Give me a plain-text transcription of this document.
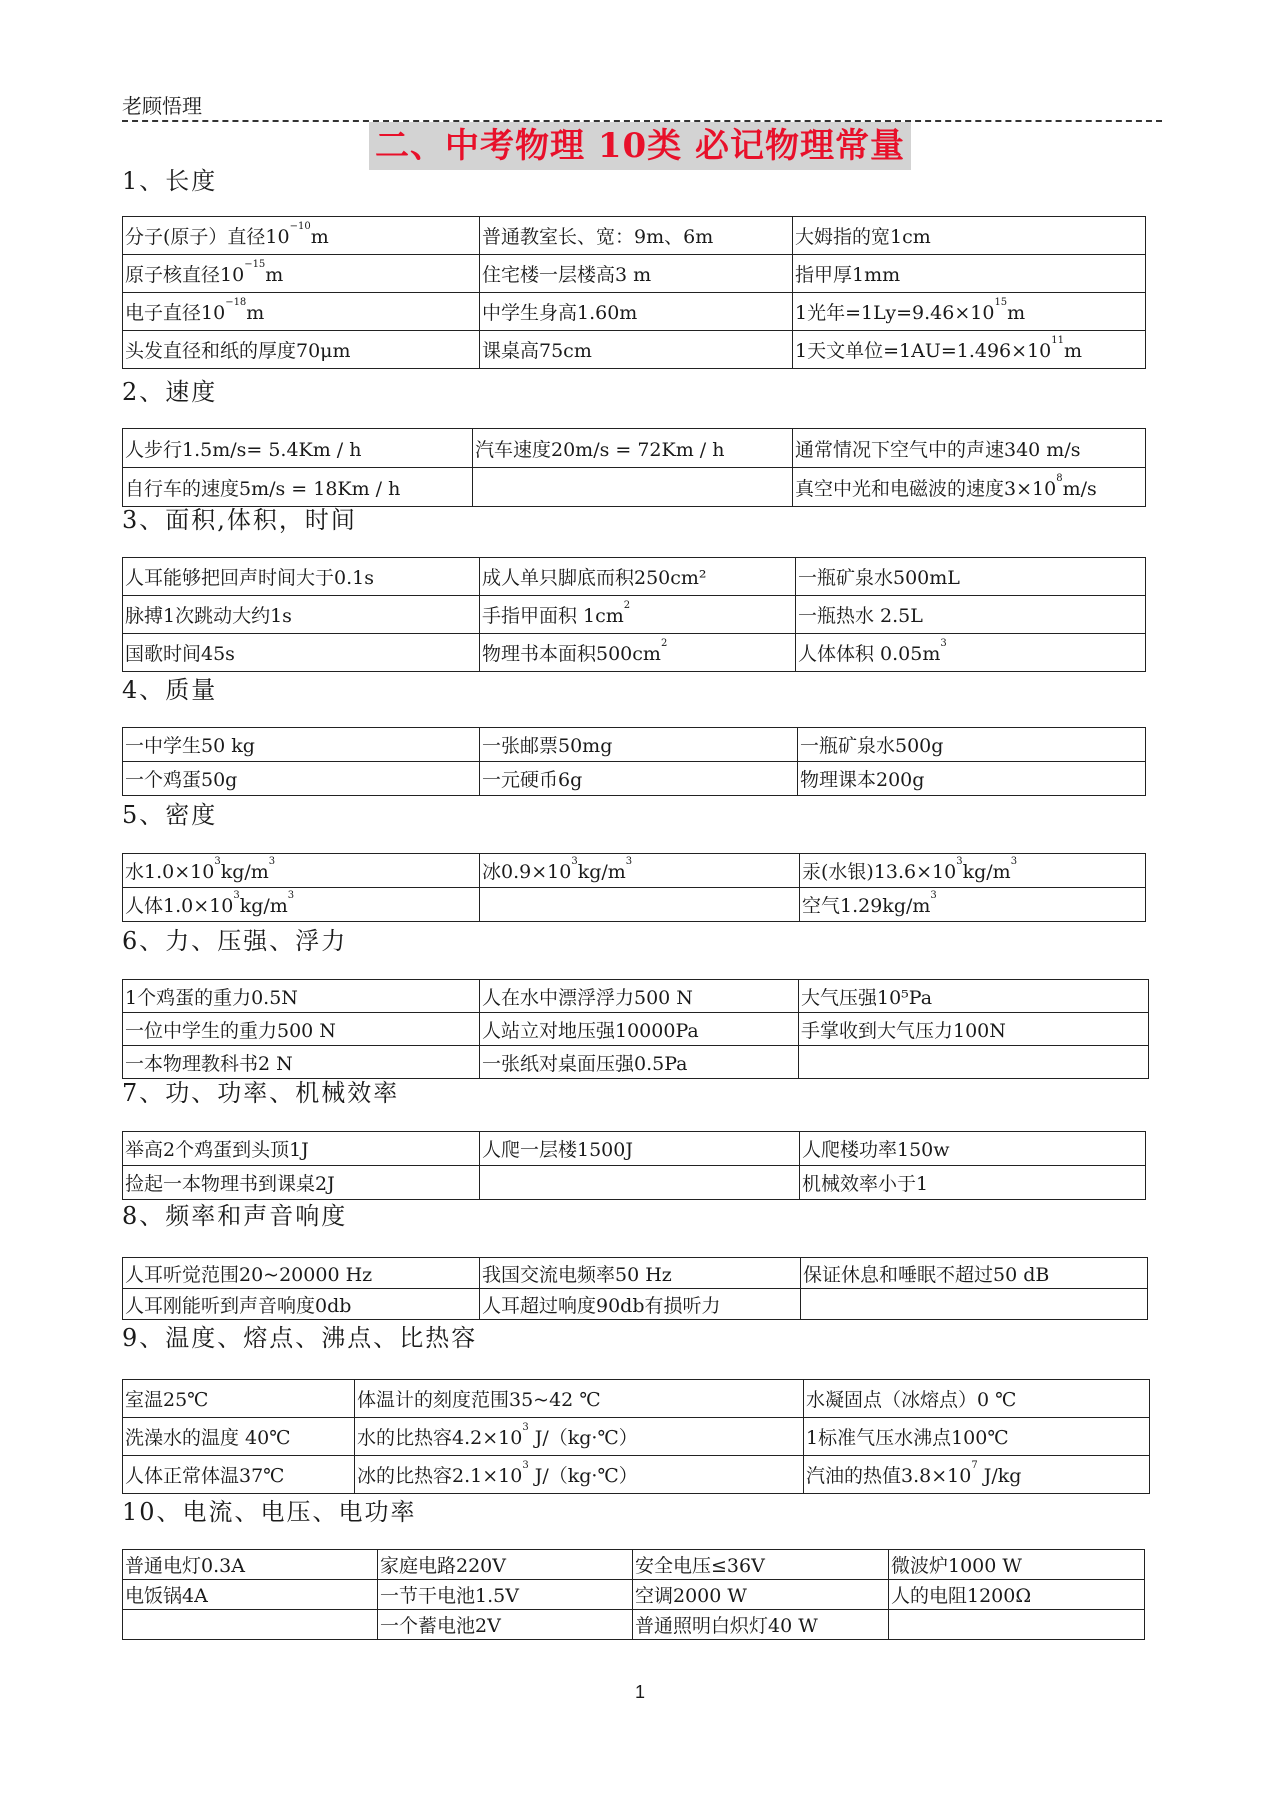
老顾悟理
二、中考物理 10类 必记物理常量
1、长度
分子(原子）直径$10^{-10}m$	普通教室长、宽：9m、6m	大姆指的宽1cm
原子核直径$10^{-15}m$	住宅楼一层楼高3 m	指甲厚1mm
电子直径$10^{-18}m$	中学生身高1.60m	1光年$=1Ly=9.46\times 10^{15}m$
头发直径和纸的厚度70μm	课桌高75cm	1天文单位$=1AU=1.496\times 10^{11}m$
2、速度
人步行1.5m/s= 5.4Km / h	汽车速度20m/s = 72Km / h	通常情况下空气中的声速340 m/s
自行车的速度5m/s = 18Km / h		真空中光和电磁波的速度$3\times 10^8m/s$
3、面积,体积，时间
人耳能够把回声时间大于0.1s	成人单只脚底而积250cm²	一瓶矿泉水500mL
脉搏1次跳动大约1s	手指甲面积 $1cm^2$	一瓶热水 2.5L
国歌时间45s	物理书本面积$500cm^2$	人体体积 $0.05m^3$
4、质量
一中学生50 kg	一张邮票50mg	一瓶矿泉水500g
一个鸡蛋50g	一元硬币6g	物理课本200g
5、密度
水$1.0\times 10^3kg/m^3$	冰$0.9\times 10^3kg/m^3$	汞(水银)$13.6\times 10^3kg/m^3$
人体$1.0\times 10^3kg/m^3$		空气$1.29kg/m^3$
6、力、压强、浮力
1个鸡蛋的重力0.5N	人在水中漂浮浮力500 N	大气压强10⁵Pa
一位中学生的重力500 N	人站立对地压强10000Pa	手掌收到大气压力100N
一本物理教科书2 N	一张纸对桌面压强0.5Pa	
7、功、功率、机械效率
举高2个鸡蛋到头顶1J	人爬一层楼1500J	人爬楼功率150w
捡起一本物理书到课桌2J		机械效率小于1
8、频率和声音响度
人耳听觉范围20~20000 Hz	我国交流电频率50 Hz	保证休息和唾眠不超过50 dB
人耳刚能听到声音响度0db	人耳超过响度90db有损听力	
9、温度、熔点、沸点、比热容
室温25℃	体温计的刻度范围35~42 ℃	水凝固点（冰熔点）0 ℃
洗澡水的温度 40℃	水的比热容$4.2\times 10^3$ J/（kg·℃）	1标准气压水沸点100℃
人体正常体温37℃	冰的比热容$2.1\times 10^3$ J/（kg·℃）	汽油的热值$3.8\times 10^7$ J/kg
10、电流、电压、电功率
普通电灯0.3A	家庭电路220V	安全电压≤36V	微波炉1000 W
电饭锅4A	一节干电池1.5V	空调2000 W	人的电阻1200Ω
	一个蓄电池2V	普通照明白炽灯40 W	
1
